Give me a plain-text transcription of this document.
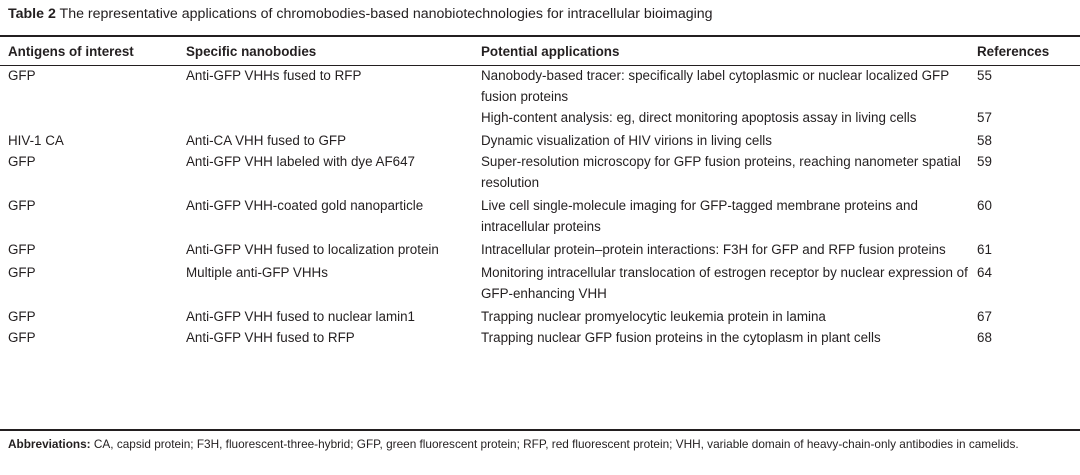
Table 2 The representative applications of chromobodies-based nanobiotechnologies for intracellular bioimaging
Antigens of interest	Specific nanobodies	Potential applications	References
GFP	Anti-GFP VHHs fused to RFP	Nanobody-based tracer: specifically label cytoplasmic or nuclear localized GFP fusion proteins	55
		High-content analysis: eg, direct monitoring apoptosis assay in living cells	57
HIV-1 CA	Anti-CA VHH fused to GFP	Dynamic visualization of HIV virions in living cells	58
GFP	Anti-GFP VHH labeled with dye AF647	Super-resolution microscopy for GFP fusion proteins, reaching nanometer spatial resolution	59
GFP	Anti-GFP VHH-coated gold nanoparticle	Live cell single-molecule imaging for GFP-tagged membrane proteins and intracellular proteins	60
GFP	Anti-GFP VHH fused to localization protein	Intracellular protein–protein interactions: F3H for GFP and RFP fusion proteins	61
GFP	Multiple anti-GFP VHHs	Monitoring intracellular translocation of estrogen receptor by nuclear expression of GFP-enhancing VHH	64
GFP	Anti-GFP VHH fused to nuclear lamin1	Trapping nuclear promyelocytic leukemia protein in lamina	67
GFP	Anti-GFP VHH fused to RFP	Trapping nuclear GFP fusion proteins in the cytoplasm in plant cells	68
Abbreviations: CA, capsid protein; F3H, fluorescent-three-hybrid; GFP, green fluorescent protein; RFP, red fluorescent protein; VHH, variable domain of heavy-chain-only antibodies in camelids.
